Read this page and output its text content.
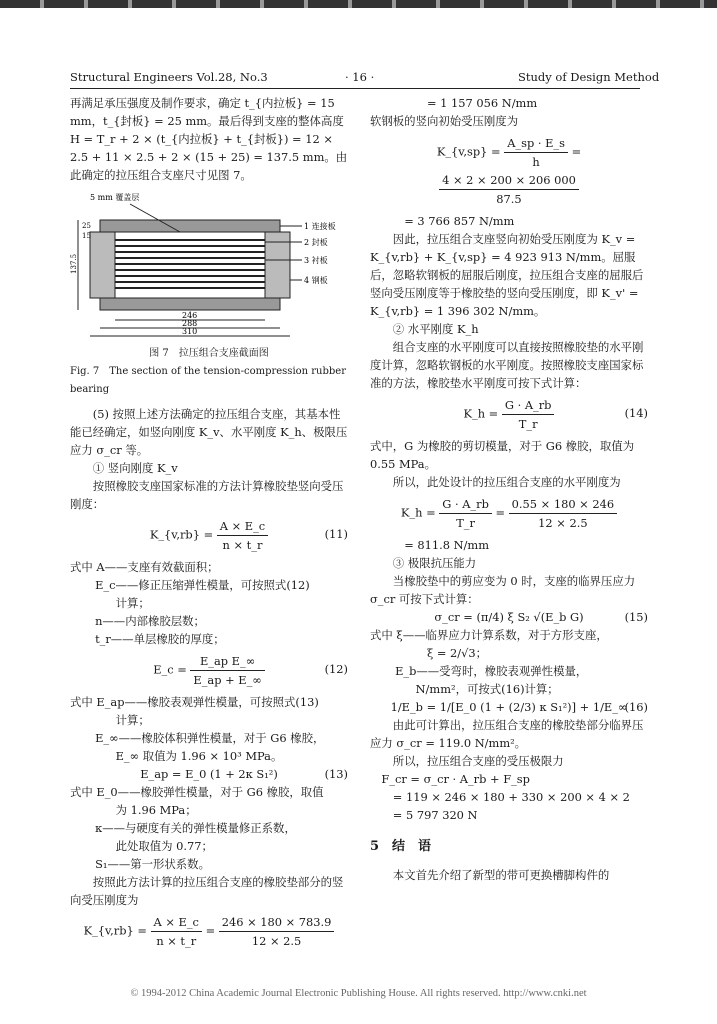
Structural Engineers Vol.28, No.3	· 16 ·	Study of Design Method

再满足承压强度及制作要求，确定 t_{内拉板} = 15 mm，t_{封板} = 25 mm。最后得到支座的整体高度 H = T_r + 2 × (t_{内拉板} + t_{封板}) = 12 × 2.5 + 11 × 2.5 + 2 × (15 + 25) = 137.5 mm。由此确定的拉压组合支座尺寸见图 7。

5 mm 覆盖层
1 连接板
2 封板
3 衬板
4 钢板
246
288
310
137.5
25
15

图 7　拉压组合支座截面图

Fig. 7　The section of the tension-compression rubber bearing

(5) 按照上述方法确定的拉压组合支座，其基本性能已经确定，如竖向刚度 K_v、水平刚度 K_h、极限压应力 σ_cr 等。

① 竖向刚度 K_v

按照橡胶支座国家标准的方法计算橡胶垫竖向受压刚度：

K_{v,rb} = $\frac{A \times E\_c}{n \times t\_r}$	(11)

式中 A——支座有效截面积；

E_c——修正压缩弹性模量，可按照式(12)

计算；

n——内部橡胶层数；

t_r——单层橡胶的厚度；

E_c = $\frac{\text{E\_ap E\_∞}}{E\_ap + E\_\infty}$	(12)

式中 E_ap——橡胶表观弹性模量，可按照式(13)

计算；

E_∞——橡胶体积弹性模量，对于 G6 橡胶，

E_∞ 取值为 1.96 × 10³ MPa。

E_ap = E_0 (1 + 2κ S₁²)	(13)

式中 E_0——橡胶弹性模量，对于 G6 橡胶，取值

为 1.96 MPa；

κ——与硬度有关的弹性模量修正系数，

此处取值为 0.77；

S₁——第一形状系数。

按照此方法计算的拉压组合支座的橡胶垫部分的竖向受压刚度为

K_{v,rb} = $\frac{A \times E\_c}{n \times t\_r} = \frac{246 \times 180 \times 783.9}{12 \times 2.5}$

= 1 157 056 N/mm

软钢板的竖向初始受压刚度为

K_{v,sp} = $\frac{A\_sp \cdot E\_s}{h}$ =
$\frac{4 \times 2 \times 200 \times 206 000}{87.5}$

= 3 766 857 N/mm

因此，拉压组合支座竖向初始受压刚度为 K_v = K_{v,rb} + K_{v,sp} = 4 923 913 N/mm。屈服后，忽略软钢板的屈服后刚度，拉压组合支座的屈服后竖向受压刚度等于橡胶垫的竖向受压刚度，即 K_v' = K_{v,rb} = 1 396 302 N/mm。

② 水平刚度 K_h

组合支座的水平刚度可以直接按照橡胶垫的水平刚度计算，忽略软钢板的水平刚度。按照橡胶支座国家标准的方法，橡胶垫水平刚度可按下式计算：

K_h = $\frac{G \cdot A\_rb}{T\_r}$	(14)

式中，G 为橡胶的剪切模量，对于 G6 橡胶，取值为 0.55 MPa。

所以，此处设计的拉压组合支座的水平刚度为

K_h = $\frac{G \cdot A\_rb}{T\_r} = \frac{0.55 \times 180 \times 246}{12 \times 2.5}$

= 811.8 N/mm

③ 极限抗压能力

当橡胶垫中的剪应变为 0 时，支座的临界压应力 σ_cr 可按下式计算：

σ_cr = (π/4) ξ S₂ √(E_b G)	(15)

式中 ξ——临界应力计算系数，对于方形支座，

ξ = 2/√3；

E_b——受弯时，橡胶表观弹性模量，

N/mm²，可按式(16)计算；

1/E_b = 1/[E_0 (1 + (2/3) κ S₁²)] + 1/E_∞
(16)

由此可计算出，拉压组合支座的橡胶垫部分临界压应力 σ_cr = 119.0 N/mm²。

所以，拉压组合支座的受压极限力

F_cr = σ_cr · A_rb + F_sp

= 119 × 246 × 180 + 330 × 200 × 4 × 2

= 5 797 320 N

5　结　语

本文首先介绍了新型的带可更换槽脚构件的

© 1994-2012 China Academic Journal Electronic Publishing House. All rights reserved. http://www.cnki.net
